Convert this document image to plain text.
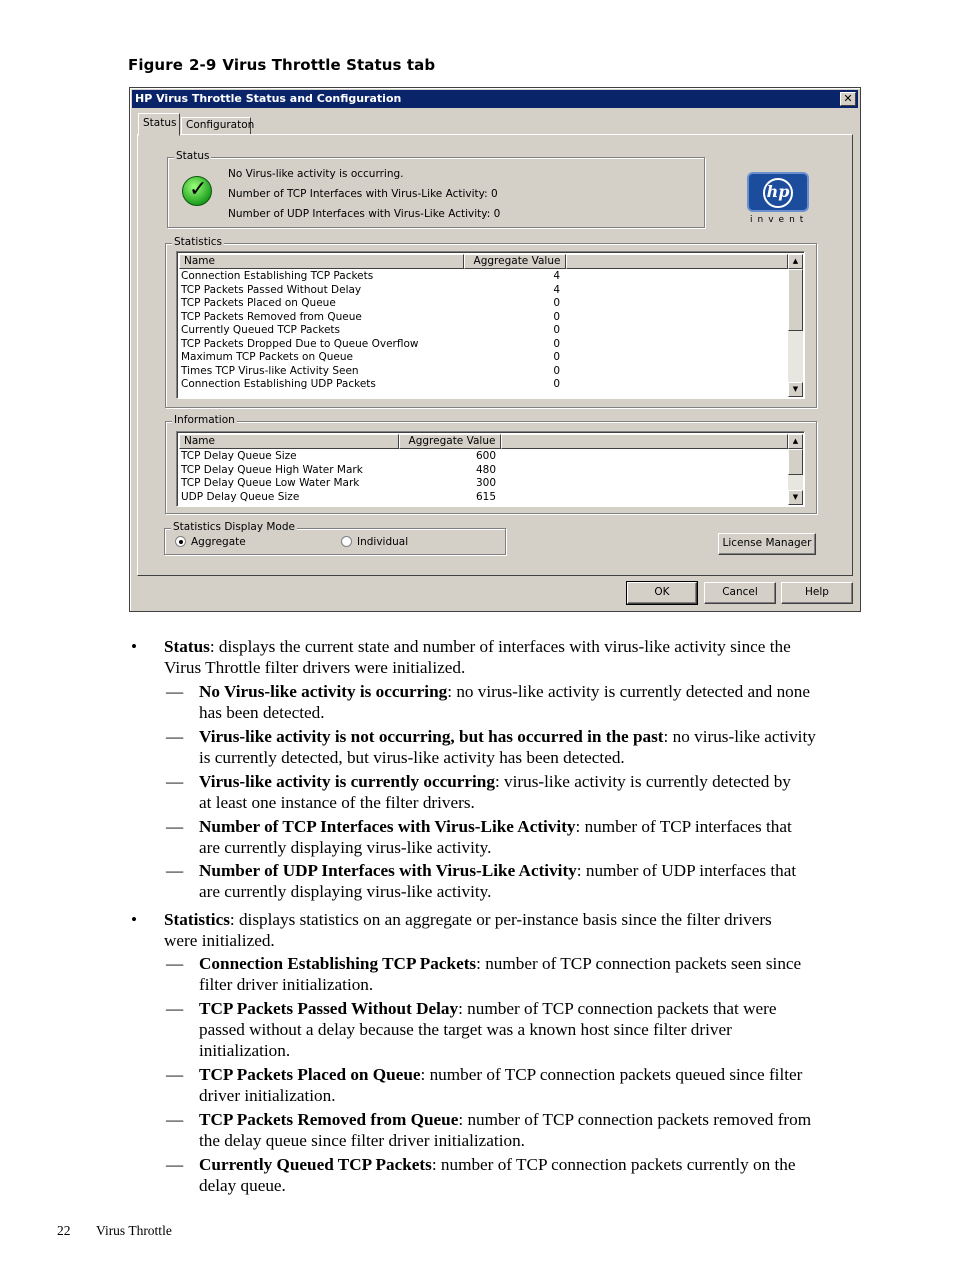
Figure 2-9 Virus Throttle Status tab
HP Virus Throttle Status and Configuration	✕
Status Configuraton
Status
✓
No Virus-like activity is occurring.
Number of TCP Interfaces with Virus-Like Activity: 0
Number of UDP Interfaces with Virus-Like Activity: 0
Statistics
Name	Aggregate Value
Connection Establishing TCP Packets	4
TCP Packets Passed Without Delay	4
TCP Packets Placed on Queue	0
TCP Packets Removed from Queue	0
Currently Queued TCP Packets	0
TCP Packets Dropped Due to Queue Overflow	0
Maximum TCP Packets on Queue	0
Times TCP Virus-like Activity Seen	0
Connection Establishing UDP Packets	0
▲
▼
Information
Name	Aggregate Value
TCP Delay Queue Size	600
TCP Delay Queue High Water Mark	480
TCP Delay Queue Low Water Mark	300
UDP Delay Queue Size	615
▲
▼
Statistics Display Mode
Aggregate	Individual	License Manager
OK	Cancel	Help
hp
invent
• Status: displays the current state and number of interfaces with virus-like activity since the
Virus Throttle filter drivers were initialized.
— No Virus-like activity is occurring: no virus-like activity is currently detected and none
has been detected.
— Virus-like activity is not occurring, but has occurred in the past: no virus-like activity
is currently detected, but virus-like activity has been detected.
— Virus-like activity is currently occurring: virus-like activity is currently detected by
at least one instance of the filter drivers.
— Number of TCP Interfaces with Virus-Like Activity: number of TCP interfaces that
are currently displaying virus-like activity.
— Number of UDP Interfaces with Virus-Like Activity: number of UDP interfaces that
are currently displaying virus-like activity.
• Statistics: displays statistics on an aggregate or per-instance basis since the filter drivers
were initialized.
— Connection Establishing TCP Packets: number of TCP connection packets seen since
filter driver initialization.
— TCP Packets Passed Without Delay: number of TCP connection packets that were
passed without a delay because the target was a known host since filter driver
initialization.
— TCP Packets Placed on Queue: number of TCP connection packets queued since filter
driver initialization.
— TCP Packets Removed from Queue: number of TCP connection packets removed from
the delay queue since filter driver initialization.
— Currently Queued TCP Packets: number of TCP connection packets currently on the
delay queue.
22 Virus Throttle
